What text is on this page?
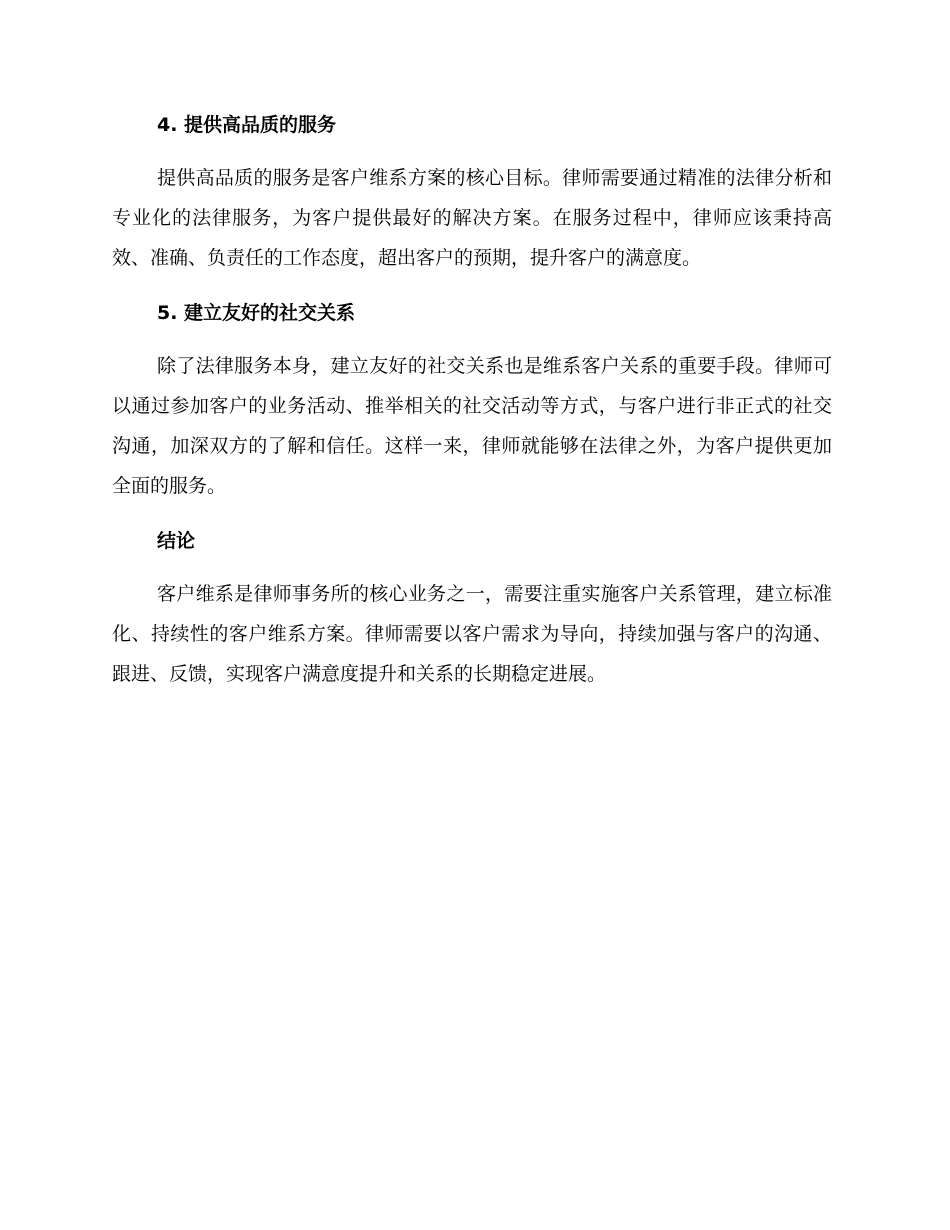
4. 提供高品质的服务

提供高品质的服务是客户维系方案的核心目标。律师需要通过精准的法律分析和专业化的法律服务，为客户提供最好的解决方案。在服务过程中，律师应该秉持高效、准确、负责任的工作态度，超出客户的预期，提升客户的满意度。

5. 建立友好的社交关系

除了法律服务本身，建立友好的社交关系也是维系客户关系的重要手段。律师可以通过参加客户的业务活动、推举相关的社交活动等方式，与客户进行非正式的社交沟通，加深双方的了解和信任。这样一来，律师就能够在法律之外，为客户提供更加全面的服务。

结论

客户维系是律师事务所的核心业务之一，需要注重实施客户关系管理，建立标准化、持续性的客户维系方案。律师需要以客户需求为导向，持续加强与客户的沟通、跟进、反馈，实现客户满意度提升和关系的长期稳定进展。
